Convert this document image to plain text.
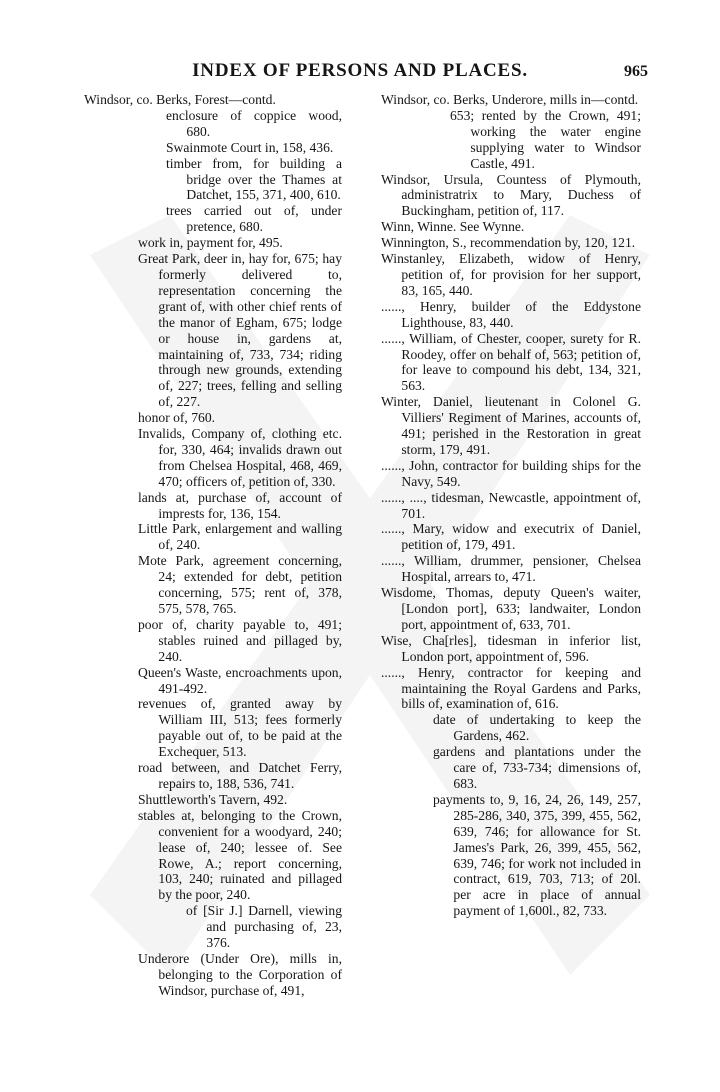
INDEX OF PERSONS AND PLACES.	965
Windsor, co. Berks, Forest—contd.
enclosure of coppice wood, 680.
Swainmote Court in, 158, 436.
timber from, for building a bridge over the Thames at Datchet, 155, 371, 400, 610.
trees carried out of, under pretence, 680.
work in, payment for, 495.
Great Park, deer in, hay for, 675; hay formerly delivered to, representation concerning the grant of, with other chief rents of the manor of Egham, 675; lodge or house in, gardens at, maintaining of, 733, 734; riding through new grounds, extending of, 227; trees, felling and selling of, 227.
honor of, 760.
Invalids, Company of, clothing etc. for, 330, 464; invalids drawn out from Chelsea Hospital, 468, 469, 470; officers of, petition of, 330.
lands at, purchase of, account of imprests for, 136, 154.
Little Park, enlargement and walling of, 240.
Mote Park, agreement concerning, 24; extended for debt, petition concerning, 575; rent of, 378, 575, 578, 765.
poor of, charity payable to, 491; stables ruined and pillaged by, 240.
Queen's Waste, encroachments upon, 491-492.
revenues of, granted away by William III, 513; fees formerly payable out of, to be paid at the Exchequer, 513.
road between, and Datchet Ferry, repairs to, 188, 536, 741.
Shuttleworth's Tavern, 492.
stables at, belonging to the Crown, convenient for a woodyard, 240; lease of, 240; lessee of. See Rowe, A.; report concerning, 103, 240; ruinated and pillaged by the poor, 240.
of [Sir J.] Darnell, viewing and purchasing of, 23, 376.
Underore (Under Ore), mills in, belonging to the Corporation of Windsor, purchase of, 491,
Windsor, co. Berks, Underore, mills in—contd.
653; rented by the Crown, 491; working the water engine supplying water to Windsor Castle, 491.
Windsor, Ursula, Countess of Plymouth, administratrix to Mary, Duchess of Buckingham, petition of, 117.
Winn, Winne. See Wynne.
Winnington, S., recommendation by, 120, 121.
Winstanley, Elizabeth, widow of Henry, petition of, for provision for her support, 83, 165, 440.
......, Henry, builder of the Eddystone Lighthouse, 83, 440.
......, William, of Chester, cooper, surety for R. Roodey, offer on behalf of, 563; petition of, for leave to compound his debt, 134, 321, 563.
Winter, Daniel, lieutenant in Colonel G. Villiers' Regiment of Marines, accounts of, 491; perished in the Restoration in great storm, 179, 491.
......, John, contractor for building ships for the Navy, 549.
......, ...., tidesman, Newcastle, appointment of, 701.
......, Mary, widow and executrix of Daniel, petition of, 179, 491.
......, William, drummer, pensioner, Chelsea Hospital, arrears to, 471.
Wisdome, Thomas, deputy Queen's waiter, [London port], 633; landwaiter, London port, appointment of, 633, 701.
Wise, Cha[rles], tidesman in inferior list, London port, appointment of, 596.
......, Henry, contractor for keeping and maintaining the Royal Gardens and Parks, bills of, examination of, 616.
date of undertaking to keep the Gardens, 462.
gardens and plantations under the care of, 733-734; dimensions of, 683.
payments to, 9, 16, 24, 26, 149, 257, 285-286, 340, 375, 399, 455, 562, 639, 746; for allowance for St. James's Park, 26, 399, 455, 562, 639, 746; for work not included in contract, 619, 703, 713; of 20l. per acre in place of annual payment of 1,600l., 82, 733.
